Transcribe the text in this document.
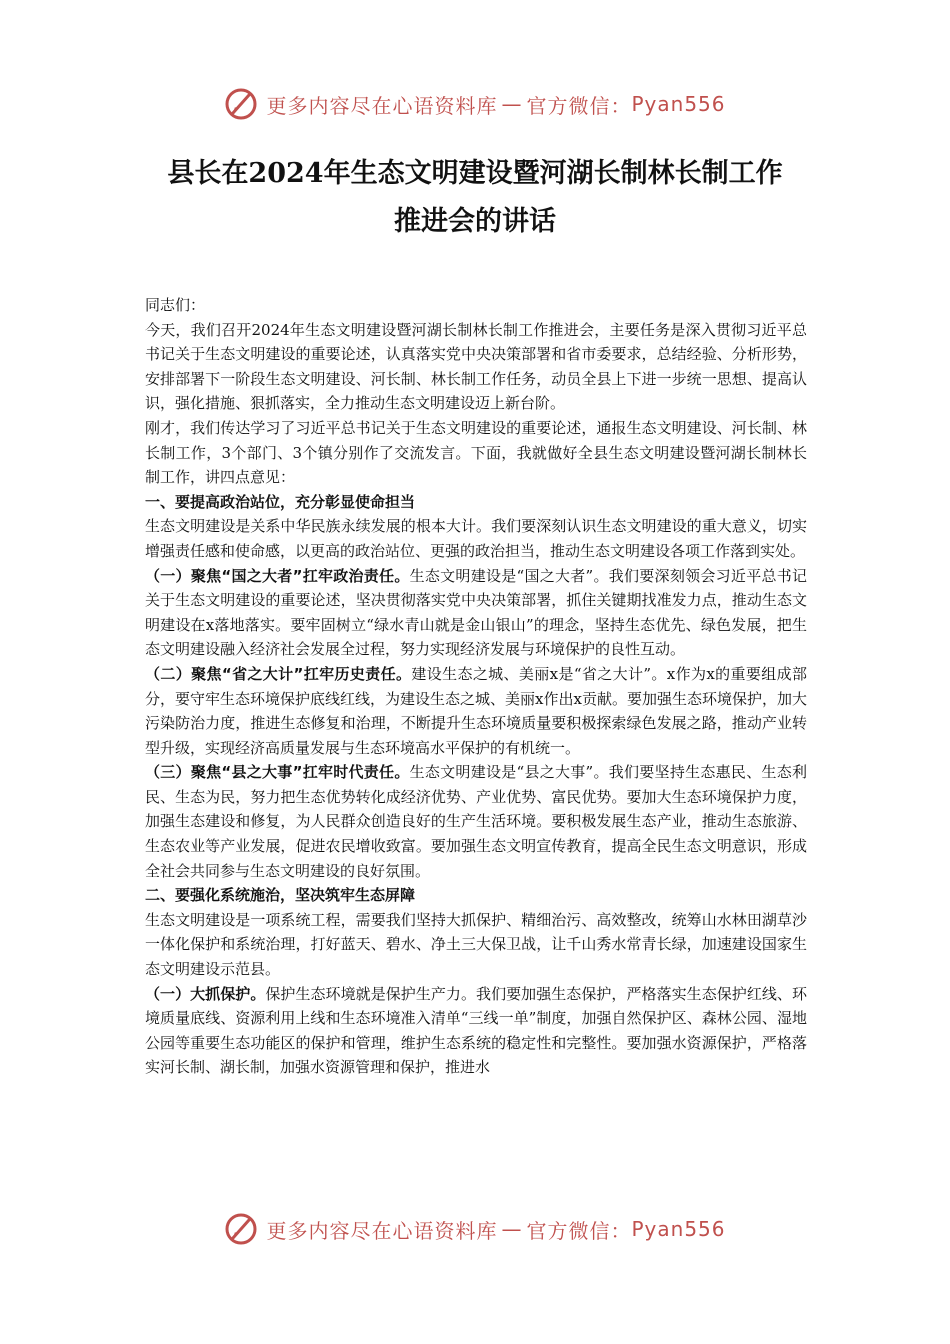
更多内容尽在心语资料库 — 官方微信： Pyan556
县长在2024年生态文明建设暨河湖长制林长制工作
推进会的讲话

同志们：

今天，我们召开2024年生态文明建设暨河湖长制林长制工作推进会，主要任务是深入贯彻习近平总书记关于生态文明建设的重要论述，认真落实党中央决策部署和省市委要求，总结经验、分析形势，安排部署下一阶段生态文明建设、河长制、林长制工作任务，动员全县上下进一步统一思想、提高认识，强化措施、狠抓落实，全力推动生态文明建设迈上新台阶。

刚才，我们传达学习了习近平总书记关于生态文明建设的重要论述，通报生态文明建设、河长制、林长制工作，3个部门、3个镇分别作了交流发言。下面，我就做好全县生态文明建设暨河湖长制林长制工作，讲四点意见：

一、要提高政治站位，充分彰显使命担当

生态文明建设是关系中华民族永续发展的根本大计。我们要深刻认识生态文明建设的重大意义，切实增强责任感和使命感，以更高的政治站位、更强的政治担当，推动生态文明建设各项工作落到实处。

（一）聚焦“国之大者”扛牢政治责任。生态文明建设是“国之大者”。我们要深刻领会习近平总书记关于生态文明建设的重要论述，坚决贯彻落实党中央决策部署，抓住关键期找准发力点，推动生态文明建设在x落地落实。要牢固树立“绿水青山就是金山银山”的理念，坚持生态优先、绿色发展，把生态文明建设融入经济社会发展全过程，努力实现经济发展与环境保护的良性互动。

（二）聚焦“省之大计”扛牢历史责任。建设生态之城、美丽x是“省之大计”。x作为x的重要组成部分，要守牢生态环境保护底线红线，为建设生态之城、美丽x作出x贡献。要加强生态环境保护，加大污染防治力度，推进生态修复和治理，不断提升生态环境质量要积极探索绿色发展之路，推动产业转型升级，实现经济高质量发展与生态环境高水平保护的有机统一。

（三）聚焦“县之大事”扛牢时代责任。生态文明建设是“县之大事”。我们要坚持生态惠民、生态利民、生态为民，努力把生态优势转化成经济优势、产业优势、富民优势。要加大生态环境保护力度，加强生态建设和修复，为人民群众创造良好的生产生活环境。要积极发展生态产业，推动生态旅游、生态农业等产业发展，促进农民增收致富。要加强生态文明宣传教育，提高全民生态文明意识，形成全社会共同参与生态文明建设的良好氛围。

二、要强化系统施治，坚决筑牢生态屏障

生态文明建设是一项系统工程，需要我们坚持大抓保护、精细治污、高效整改，统筹山水林田湖草沙一体化保护和系统治理，打好蓝天、碧水、净土三大保卫战，让千山秀水常青长绿，加速建设国家生态文明建设示范县。

（一）大抓保护。保护生态环境就是保护生产力。我们要加强生态保护，严格落实生态保护红线、环境质量底线、资源利用上线和生态环境准入清单“三线一单”制度，加强自然保护区、森林公园、湿地公园等重要生态功能区的保护和管理，维护生态系统的稳定性和完整性。要加强水资源保护，严格落实河长制、湖长制，加强水资源管理和保护，推进水

更多内容尽在心语资料库 — 官方微信： Pyan556
